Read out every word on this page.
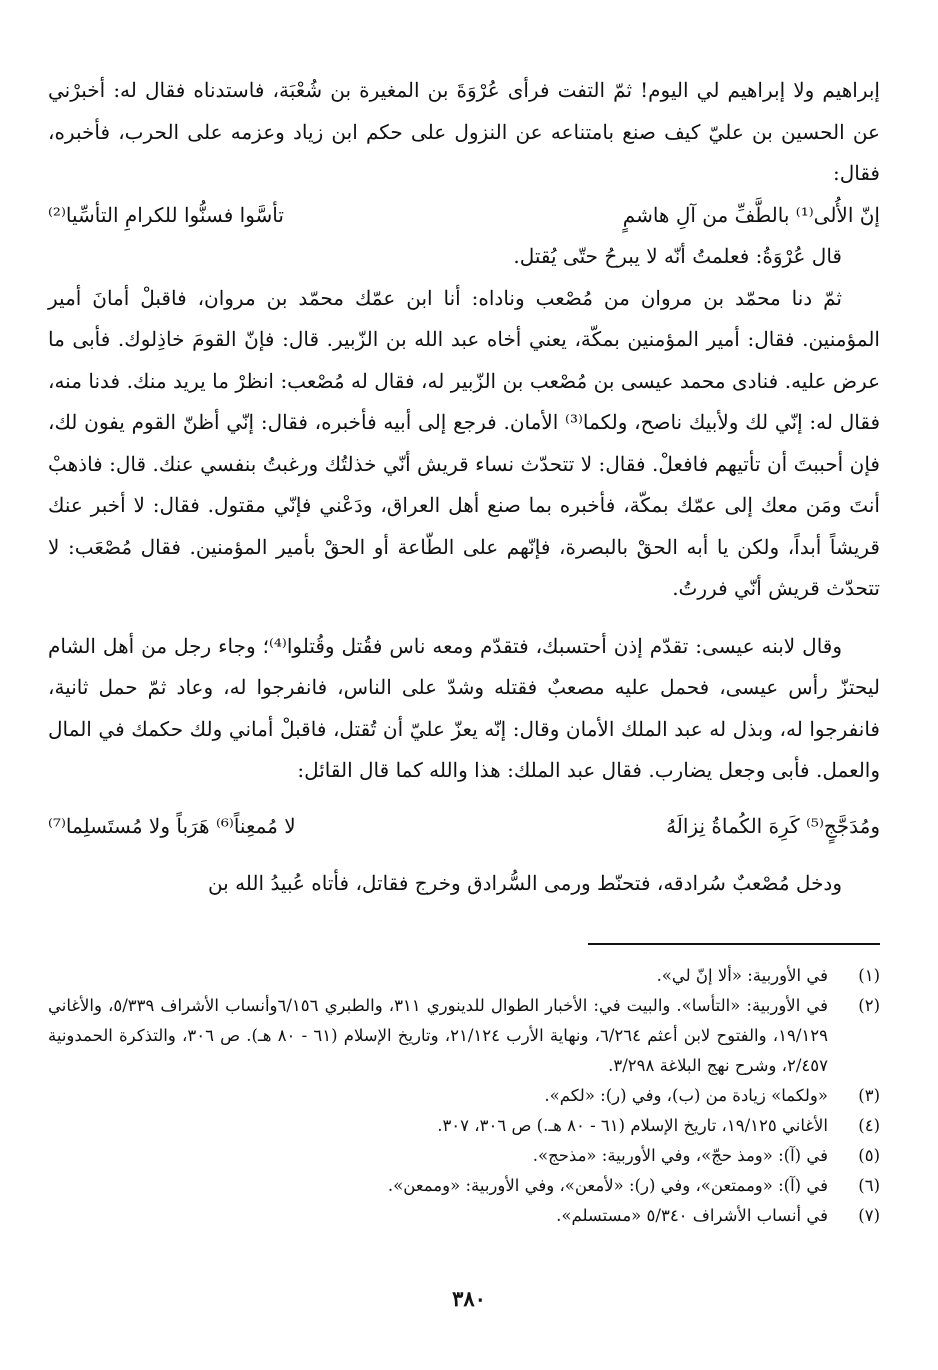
إبراهيم ولا إبراهيم لي اليوم! ثمّ التفت فرأى عُرْوَةَ بن المغيرة بن شُعْبَة، فاستدناه فقال له: أخبرْني عن الحسين بن عليّ كيف صنع بامتناعه عن النزول على حكم ابن زياد وعزمه على الحرب، فأخبره، فقال:

إنّ الأُلى⁽¹⁾ بالطَّفِّ من آلِ هاشمٍ
تأسَّوا فسنُّوا للكرامِ التأسِّيا⁽²⁾

قال عُرْوَةُ: فعلمتُ أنّه لا يبرحُ حتّى يُقتل.

ثمّ دنا محمّد بن مروان من مُصْعب وناداه: أنا ابن عمّك محمّد بن مروان، فاقبلْ أمانَ أمير المؤمنين. فقال: أمير المؤمنين بمكّة، يعني أخاه عبد الله بن الزّبير. قال: فإنّ القومَ خاذِلوك. فأبى ما عرض عليه. فنادى محمد عيسى بن مُصْعب بن الزّبير له، فقال له مُصْعب: انظرْ ما يريد منك. فدنا منه، فقال له: إنّي لك ولأبيك ناصح، ولكما⁽³⁾ الأمان. فرجع إلى أبيه فأخبره، فقال: إنّي أظنّ القوم يفون لك، فإن أحببتَ أن تأتيهم فافعلْ. فقال: لا تتحدّث نساء قريش أنّي خذلتُك ورغبتُ بنفسي عنك. قال: فاذهبْ أنتَ ومَن معك إلى عمّك بمكّة، فأخبره بما صنع أهل العراق، ودَعْني فإنّي مقتول. فقال: لا أخبر عنك قريشاً أبداً، ولكن يا أبه الحقْ بالبصرة، فإنّهم على الطّاعة أو الحقْ بأمير المؤمنين. فقال مُصْعَب: لا تتحدّث قريش أنّي فررتُ.

وقال لابنه عيسى: تقدّم إذن أحتسبك، فتقدّم ومعه ناس فقُتل وقُتلوا⁽⁴⁾؛ وجاء رجل من أهل الشام ليحتزّ رأس عيسى، فحمل عليه مصعبٌ فقتله وشدّ على الناس، فانفرجوا له، وعاد ثمّ حمل ثانية، فانفرجوا له، وبذل له عبد الملك الأمان وقال: إنّه يعزّ عليّ أن تُقتل، فاقبلْ أماني ولك حكمك في المال والعمل. فأبى وجعل يضارب. فقال عبد الملك: هذا والله كما قال القائل:

ومُدَجَّجٍ⁽⁵⁾ كَرِهَ الكُماةُ نِزالَهُ
لا مُمعِناً⁽⁶⁾ هَرَباً ولا مُستَسلِما⁽⁷⁾

ودخل مُصْعبٌ سُرادقه، فتحنّط ورمى السُّرادق وخرج فقاتل، فأتاه عُبيدُ الله بن

(١)
في الأوربية: «ألا إنّ لي».
(٢)
في الأوربية: «التأسا». والبيت في: الأخبار الطوال للدينوري ٣١١، والطبري ٦/١٥٦وأنساب الأشراف ٥/٣٣٩، والأغاني ١٩/١٢٩، والفتوح لابن أعثم ٦/٢٦٤، ونهاية الأرب ٢١/١٢٤، وتاريخ الإسلام (٦١ - ٨٠ هـ). ص ٣٠٦، والتذكرة الحمدونية ٢/٤٥٧، وشرح نهج البلاغة ٣/٢٩٨.
(٣)
«ولكما» زيادة من (ب)، وفي (ر): «لكم».
(٤)
الأغاني ١٩/١٢٥، تاريخ الإسلام (٦١ - ٨٠ هـ.) ص ٣٠٦، ٣٠٧.
(٥)
في (آ): «ومذ حجّ»، وفي الأوربية: «مذحج».
(٦)
في (آ): «وممتعن»، وفي (ر): «لأمعن»، وفي الأوربية: «وممعن».
(٧)
في أنساب الأشراف ٥/٣٤٠ «مستسلم».
٣٨٠
